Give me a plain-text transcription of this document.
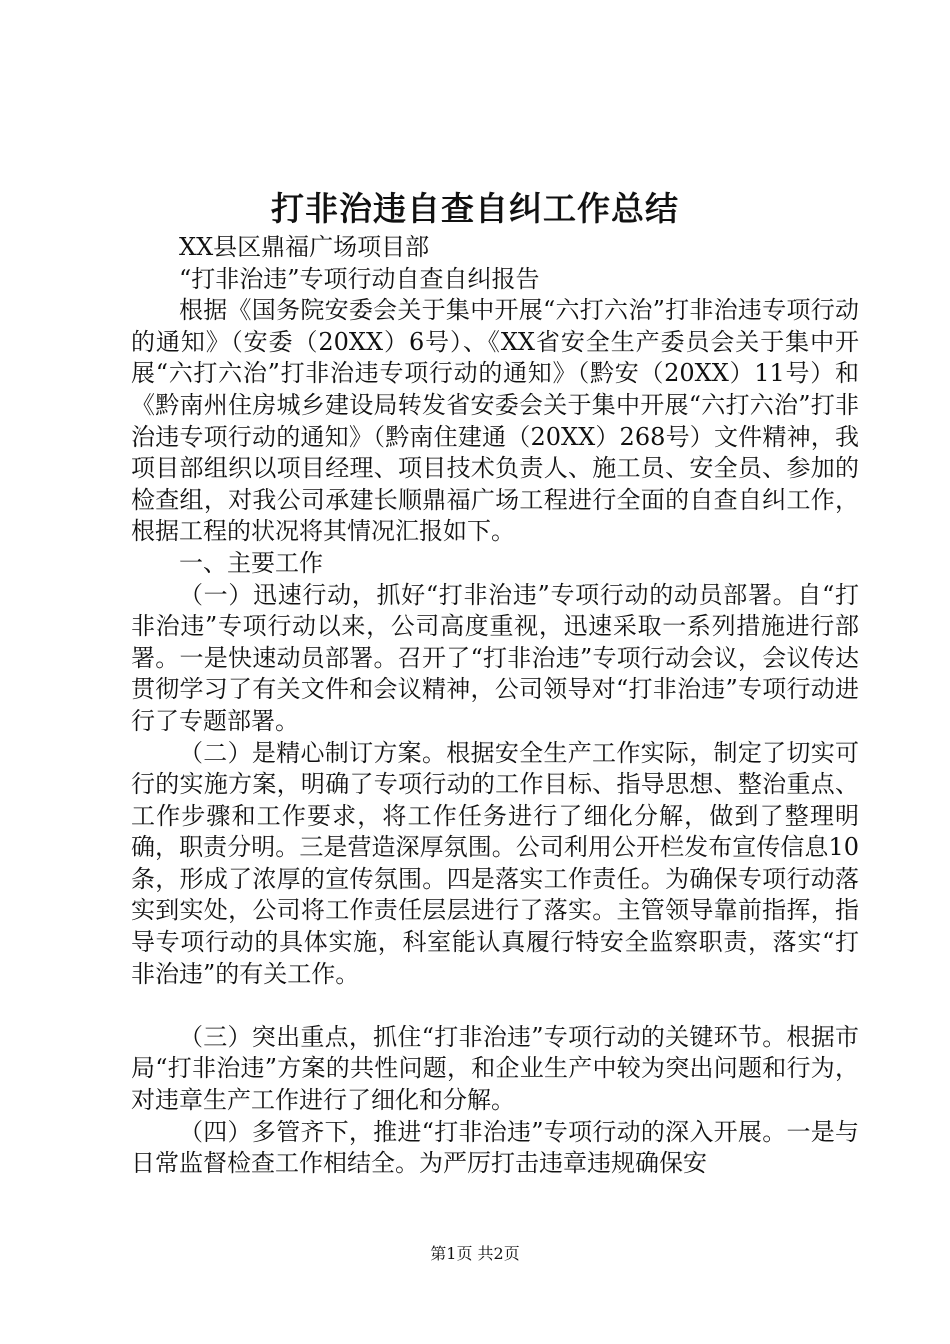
打非治违自查自纠工作总结

XX县区鼎福广场项目部

“打非治违”专项行动自查自纠报告

根据《国务院安委会关于集中开展“六打六治”打非治违专项行动的通知》（安委（20XX）6号）、《XX省安全生产委员会关于集中开展“六打六治”打非治违专项行动的通知》（黔安（20XX）11号）和《黔南州住房城乡建设局转发省安委会关于集中开展“六打六治”打非治违专项行动的通知》（黔南住建通（20XX）268号）文件精神，我项目部组织以项目经理、项目技术负责人、施工员、安全员、参加的检查组，对我公司承建长顺鼎福广场工程进行全面的自查自纠工作，根据工程的状况将其情况汇报如下。

一、主要工作

（一）迅速行动，抓好“打非治违”专项行动的动员部署。自“打非治违”专项行动以来，公司高度重视，迅速采取一系列措施进行部署。一是快速动员部署。召开了“打非治违”专项行动会议，会议传达贯彻学习了有关文件和会议精神，公司领导对“打非治违”专项行动进行了专题部署。

（二）是精心制订方案。根据安全生产工作实际，制定了切实可行的实施方案，明确了专项行动的工作目标、指导思想、整治重点、工作步骤和工作要求，将工作任务进行了细化分解，做到了整理明确，职责分明。三是营造深厚氛围。公司利用公开栏发布宣传信息10条，形成了浓厚的宣传氛围。四是落实工作责任。为确保专项行动落实到实处，公司将工作责任层层进行了落实。主管领导靠前指挥，指导专项行动的具体实施，科室能认真履行特安全监察职责，落实“打非治违”的有关工作。

（三）突出重点，抓住“打非治违”专项行动的关键环节。根据市局“打非治违”方案的共性问题，和企业生产中较为突出问题和行为，对违章生产工作进行了细化和分解。

（四）多管齐下，推进“打非治违”专项行动的深入开展。一是与日常监督检查工作相结全。为严厉打击违章违规确保安

第1页 共2页
